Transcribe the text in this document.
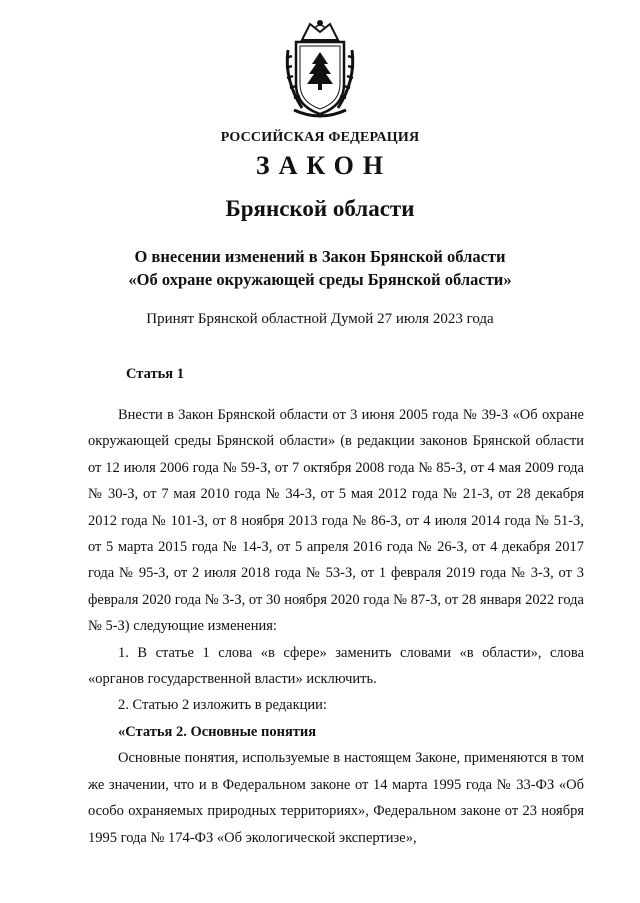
РОССИЙСКАЯ ФЕДЕРАЦИЯ
ЗАКОН
Брянской области
О внесении изменений в Закон Брянской области
«Об охране окружающей среды Брянской области»
Принят Брянской областной Думой 27 июля 2023 года
Статья 1

Внести в Закон Брянской области от 3 июня 2005 года № 39-З «Об охране окружающей среды Брянской области» (в редакции законов Брянской области от 12 июля 2006 года № 59-З, от 7 октября 2008 года № 85-З, от 4 мая 2009 года № 30-З, от 7 мая 2010 года № 34-З, от 5 мая 2012 года № 21-З, от 28 декабря 2012 года № 101-З, от 8 ноября 2013 года № 86-З, от 4 июля 2014 года № 51-З, от 5 марта 2015 года № 14-З, от 5 апреля 2016 года № 26-З, от 4 декабря 2017 года № 95-З, от 2 июля 2018 года № 53-З, от 1 февраля 2019 года № 3-З, от 3 февраля 2020 года № 3-З, от 30 ноября 2020 года № 87-З, от 28 января 2022 года № 5-З) следующие изменения:

1. В статье 1 слова «в сфере» заменить словами «в области», слова «органов государственной власти» исключить.

2. Статью 2 изложить в редакции:

«Статья 2. Основные понятия

Основные понятия, используемые в настоящем Законе, применяются в том же значении, что и в Федеральном законе от 14 марта 1995 года № 33-ФЗ «Об особо охраняемых природных территориях», Федеральном законе от 23 ноября 1995 года № 174-ФЗ «Об экологической экспертизе»,
